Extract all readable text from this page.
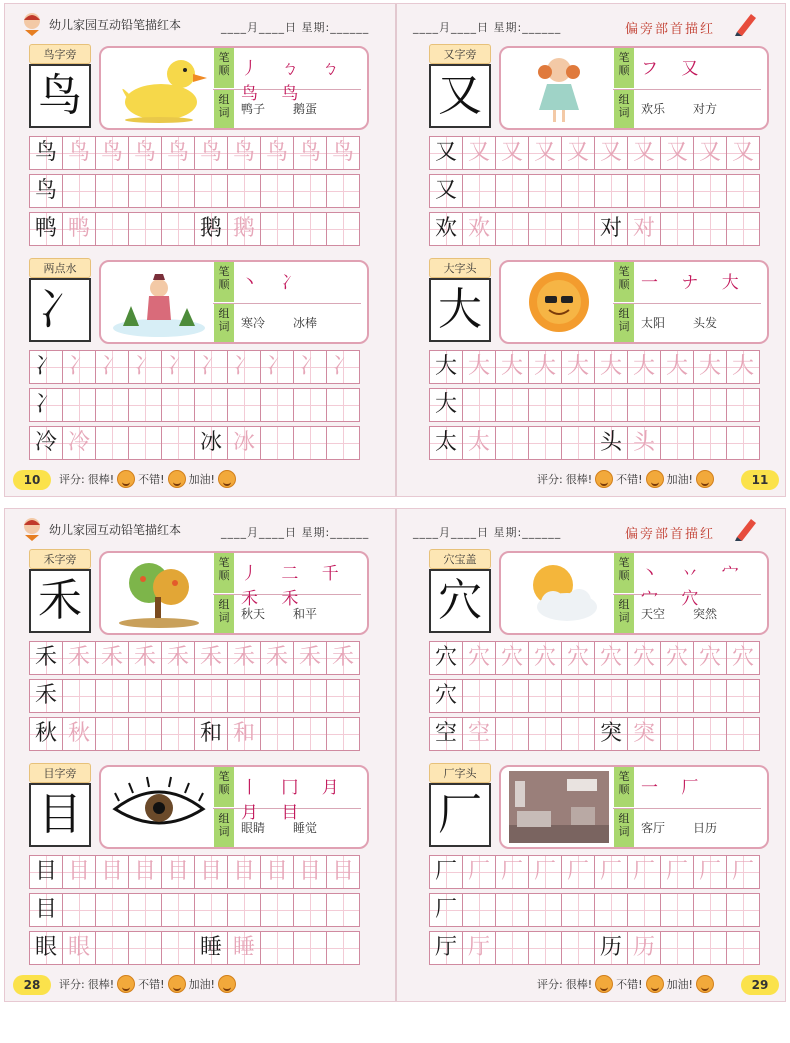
幼儿家园互动铅笔描红本	____月____日 星期:______
鸟字旁
鸟
笔顺
组词
丿 ㄅ ㄅ 鸟 鸟
鸭子 鹅蛋
鸟 鸟 鸟 鸟 鸟 鸟 鸟 鸟 鸟 鸟
鸟
鸭 鸭	鹅 鹅
两点水
冫
笔顺
组词
丶 冫
寒冷 冰棒
冫 冫 冫 冫 冫 冫 冫 冫 冫 冫
冫
冷 冷	冰 冰
10	评分: 很棒! 不错! 加油!
____月____日 星期:______	偏旁部首描红
又字旁
又
笔顺
组词
フ 又
欢乐 对方
又 又 又 又 又 又 又 又 又 又
又
欢 欢	对 对
大字头
大
笔顺
组词
一 ナ 大
太阳 头发
大 大 大 大 大 大 大 大 大 大
大
太 太	头 头
11
评分: 很棒! 不错! 加油!
幼儿家园互动铅笔描红本	____月____日 星期:______
禾字旁
禾
笔顺
组词
丿 二 千 禾 禾
秋天 和平
禾 禾 禾 禾 禾 禾 禾 禾 禾 禾
禾
秋 秋	和 和
目字旁
目
笔顺
组词
丨 冂 月 月 目
眼睛 睡觉
目 目 目 目 目 目 目 目 目 目
目
眼 眼	睡 睡
28	评分: 很棒! 不错! 加油!
____月____日 星期:______	偏旁部首描红
穴宝盖
穴
笔顺
组词
丶 丷 宀 宀 穴
天空 突然
穴 穴 穴 穴 穴 穴 穴 穴 穴 穴
穴
空 空	突 突
厂字头
厂
笔顺
组词
一 厂
客厅 日历
厂 厂 厂 厂 厂 厂 厂 厂 厂 厂
厂
厅 厅	历 历
29
评分: 很棒! 不错! 加油!
